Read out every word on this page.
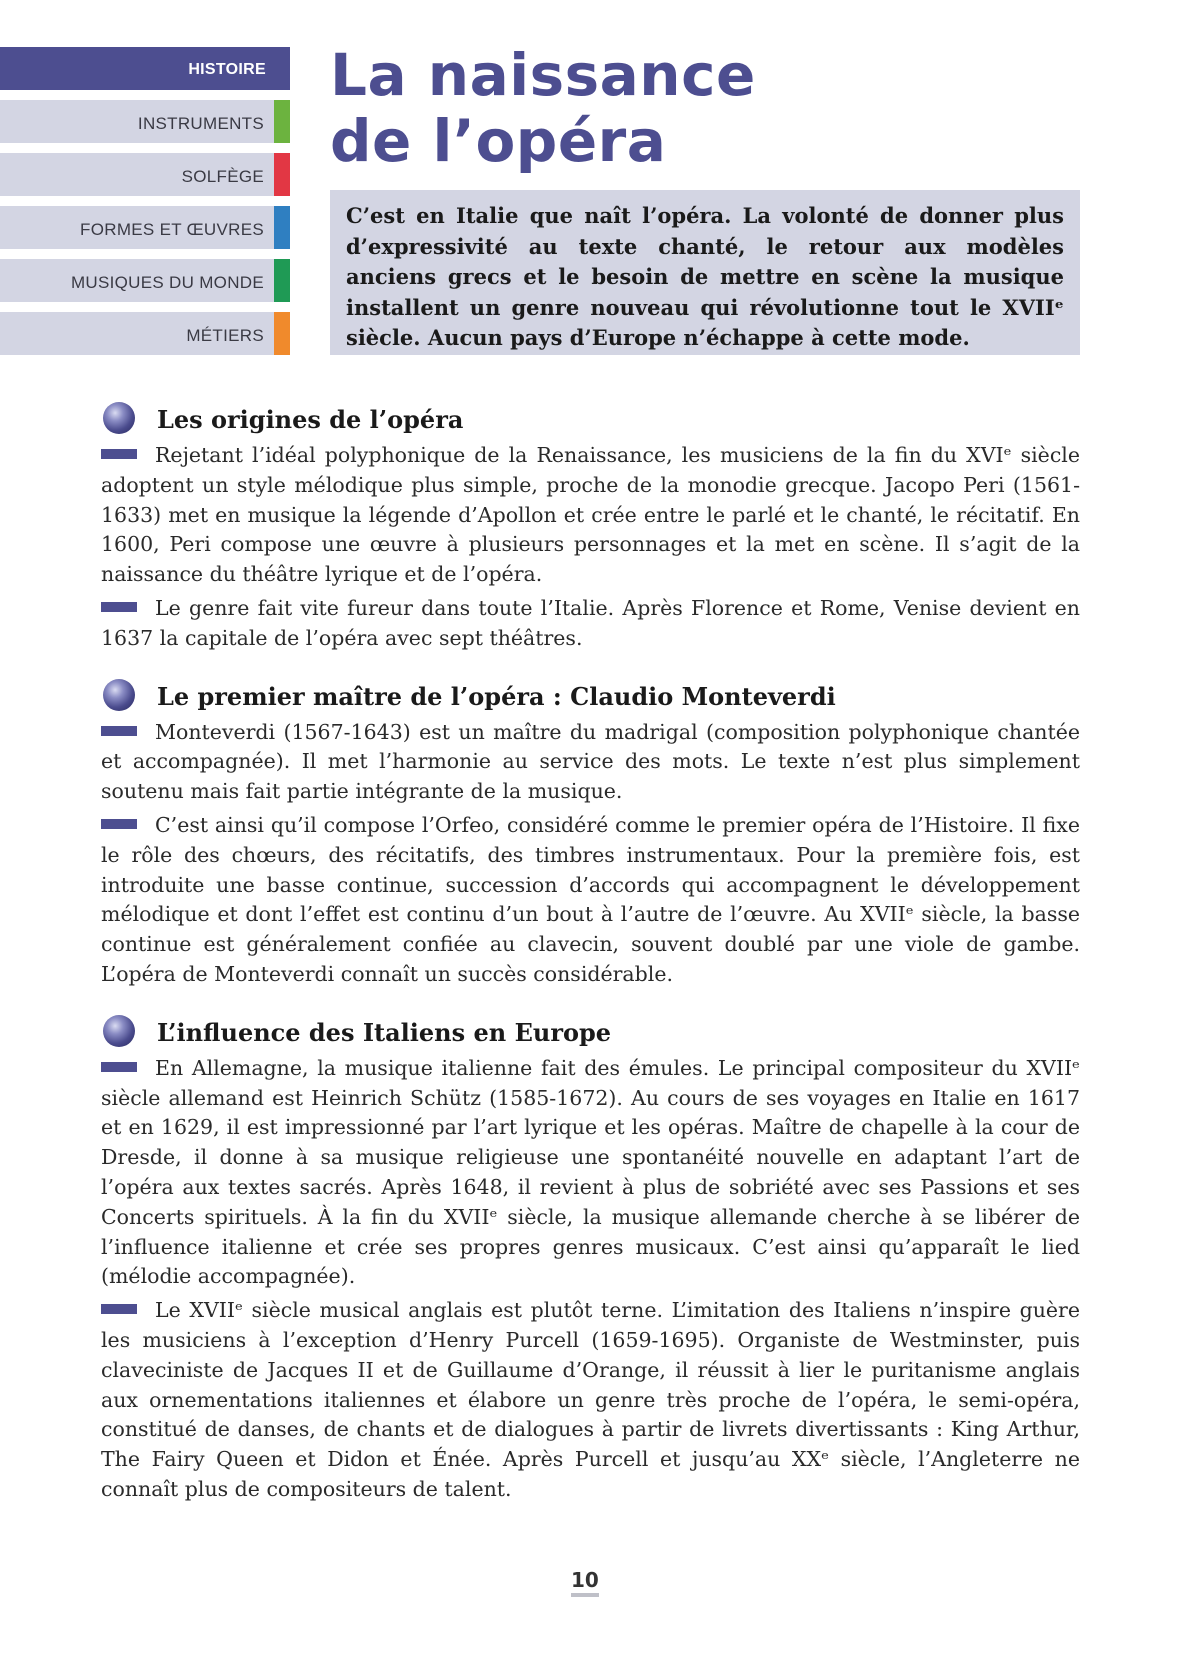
HISTOIRE
INSTRUMENTS
SOLFÈGE
FORMES ET ŒUVRES
MUSIQUES DU MONDE
MÉTIERS
La naissance
de l’opéra

C’est en Italie que naît l’opéra. La volonté de donner plus d’expressivité au texte chanté, le retour aux modèles anciens grecs et le besoin de mettre en scène la musique installent un genre nouveau qui révolutionne tout le XVIIᵉ siècle. Aucun pays d’Europe n’échappe à cette mode.

Les origines de l’opéra

Rejetant l’idéal polyphonique de la Renaissance, les musiciens de la fin du XVIᵉ siècle adoptent un style mélodique plus simple, proche de la monodie grecque. Jacopo Peri (1561-1633) met en musique la légende d’Apollon et crée entre le parlé et le chanté, le récitatif. En 1600, Peri compose une œuvre à plusieurs personnages et la met en scène. Il s’agit de la naissance du théâtre lyrique et de l’opéra.

Le genre fait vite fureur dans toute l’Italie. Après Florence et Rome, Venise devient en 1637 la capitale de l’opéra avec sept théâtres.

Le premier maître de l’opéra : Claudio Monteverdi

Monteverdi (1567-1643) est un maître du madrigal (composition polyphonique chantée et accompagnée). Il met l’harmonie au service des mots. Le texte n’est plus simplement soutenu mais fait partie intégrante de la musique.

C’est ainsi qu’il compose l’Orfeo, considéré comme le premier opéra de l’Histoire. Il fixe le rôle des chœurs, des récitatifs, des timbres instrumentaux. Pour la première fois, est introduite une basse continue, succession d’accords qui accompagnent le développement mélodique et dont l’effet est continu d’un bout à l’autre de l’œuvre. Au XVIIᵉ siècle, la basse continue est généralement confiée au clavecin, souvent doublé par une viole de gambe. L’opéra de Monteverdi connaît un succès considérable.

L’influence des Italiens en Europe

En Allemagne, la musique italienne fait des émules. Le principal compositeur du XVIIᵉ siècle allemand est Heinrich Schütz (1585-1672). Au cours de ses voyages en Italie en 1617 et en 1629, il est impressionné par l’art lyrique et les opéras. Maître de chapelle à la cour de Dresde, il donne à sa musique religieuse une spontanéité nouvelle en adaptant l’art de l’opéra aux textes sacrés. Après 1648, il revient à plus de sobriété avec ses Passions et ses Concerts spirituels. À la fin du XVIIᵉ siècle, la musique allemande cherche à se libérer de l’influence italienne et crée ses propres genres musicaux. C’est ainsi qu’apparaît le lied (mélodie accompagnée).

Le XVIIᵉ siècle musical anglais est plutôt terne. L’imitation des Italiens n’inspire guère les musiciens à l’exception d’Henry Purcell (1659-1695). Organiste de Westminster, puis claveciniste de Jacques II et de Guillaume d’Orange, il réussit à lier le puritanisme anglais aux ornementations italiennes et élabore un genre très proche de l’opéra, le semi-opéra, constitué de danses, de chants et de dialogues à partir de livrets divertissants : King Arthur, The Fairy Queen et Didon et Énée. Après Purcell et jusqu’au XXᵉ siècle, l’Angleterre ne connaît plus de compositeurs de talent.

10
